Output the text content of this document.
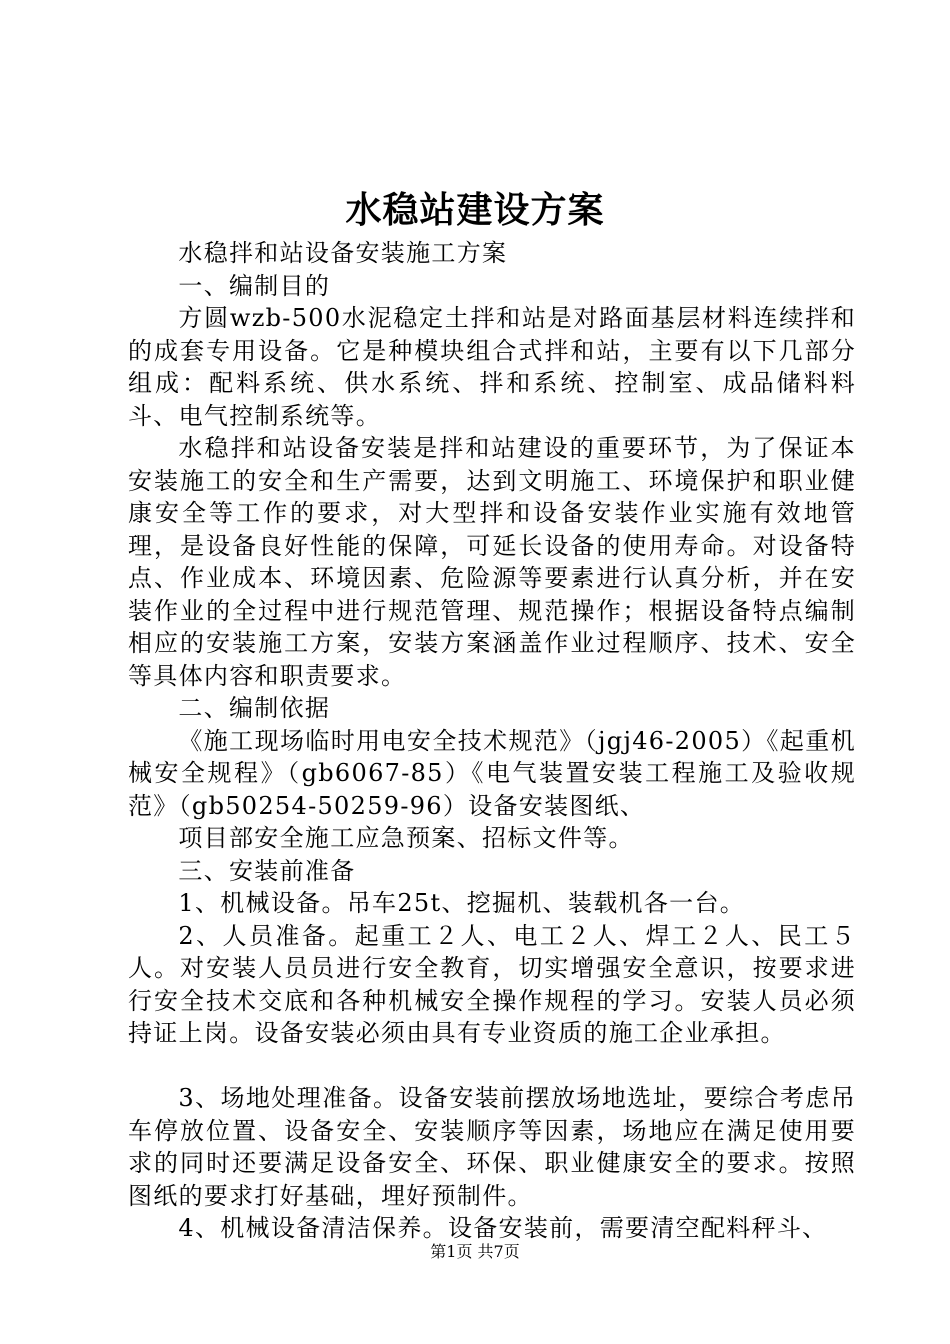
水稳站建设方案

水稳拌和站设备安装施工方案

一、编制目的

方圆wzb-500水泥稳定土拌和站是对路面基层材料连续拌和的成套专用设备。它是种模块组合式拌和站，主要有以下几部分组成：配料系统、供水系统、拌和系统、控制室、成品储料料斗、电气控制系统等。

水稳拌和站设备安装是拌和站建设的重要环节，为了保证本安装施工的安全和生产需要，达到文明施工、环境保护和职业健康安全等工作的要求，对大型拌和设备安装作业实施有效地管理，是设备良好性能的保障，可延长设备的使用寿命。对设备特点、作业成本、环境因素、危险源等要素进行认真分析，并在安装作业的全过程中进行规范管理、规范操作；根据设备特点编制相应的安装施工方案，安装方案涵盖作业过程顺序、技术、安全等具体内容和职责要求。

二、编制依据

《施工现场临时用电安全技术规范》（jgj46-2005）《起重机械安全规程》（gb6067-85）《电气装置安装工程施工及验收规范》（gb50254-50259-96）设备安装图纸、

项目部安全施工应急预案、招标文件等。

三、安装前准备

1、机械设备。吊车25t、挖掘机、装载机各一台。

2、人员准备。起重工２人、电工２人、焊工２人、民工５人。对安装人员员进行安全教育，切实增强安全意识，按要求进行安全技术交底和各种机械安全操作规程的学习。安装人员必须持证上岗。设备安装必须由具有专业资质的施工企业承担。

3、场地处理准备。设备安装前摆放场地选址，要综合考虑吊车停放位置、设备安全、安装顺序等因素，场地应在满足使用要求的同时还要满足设备安全、环保、职业健康安全的要求。按照图纸的要求打好基础，埋好预制件。

4、机械设备清洁保养。设备安装前，需要清空配料秤斗、

第1页 共7页
